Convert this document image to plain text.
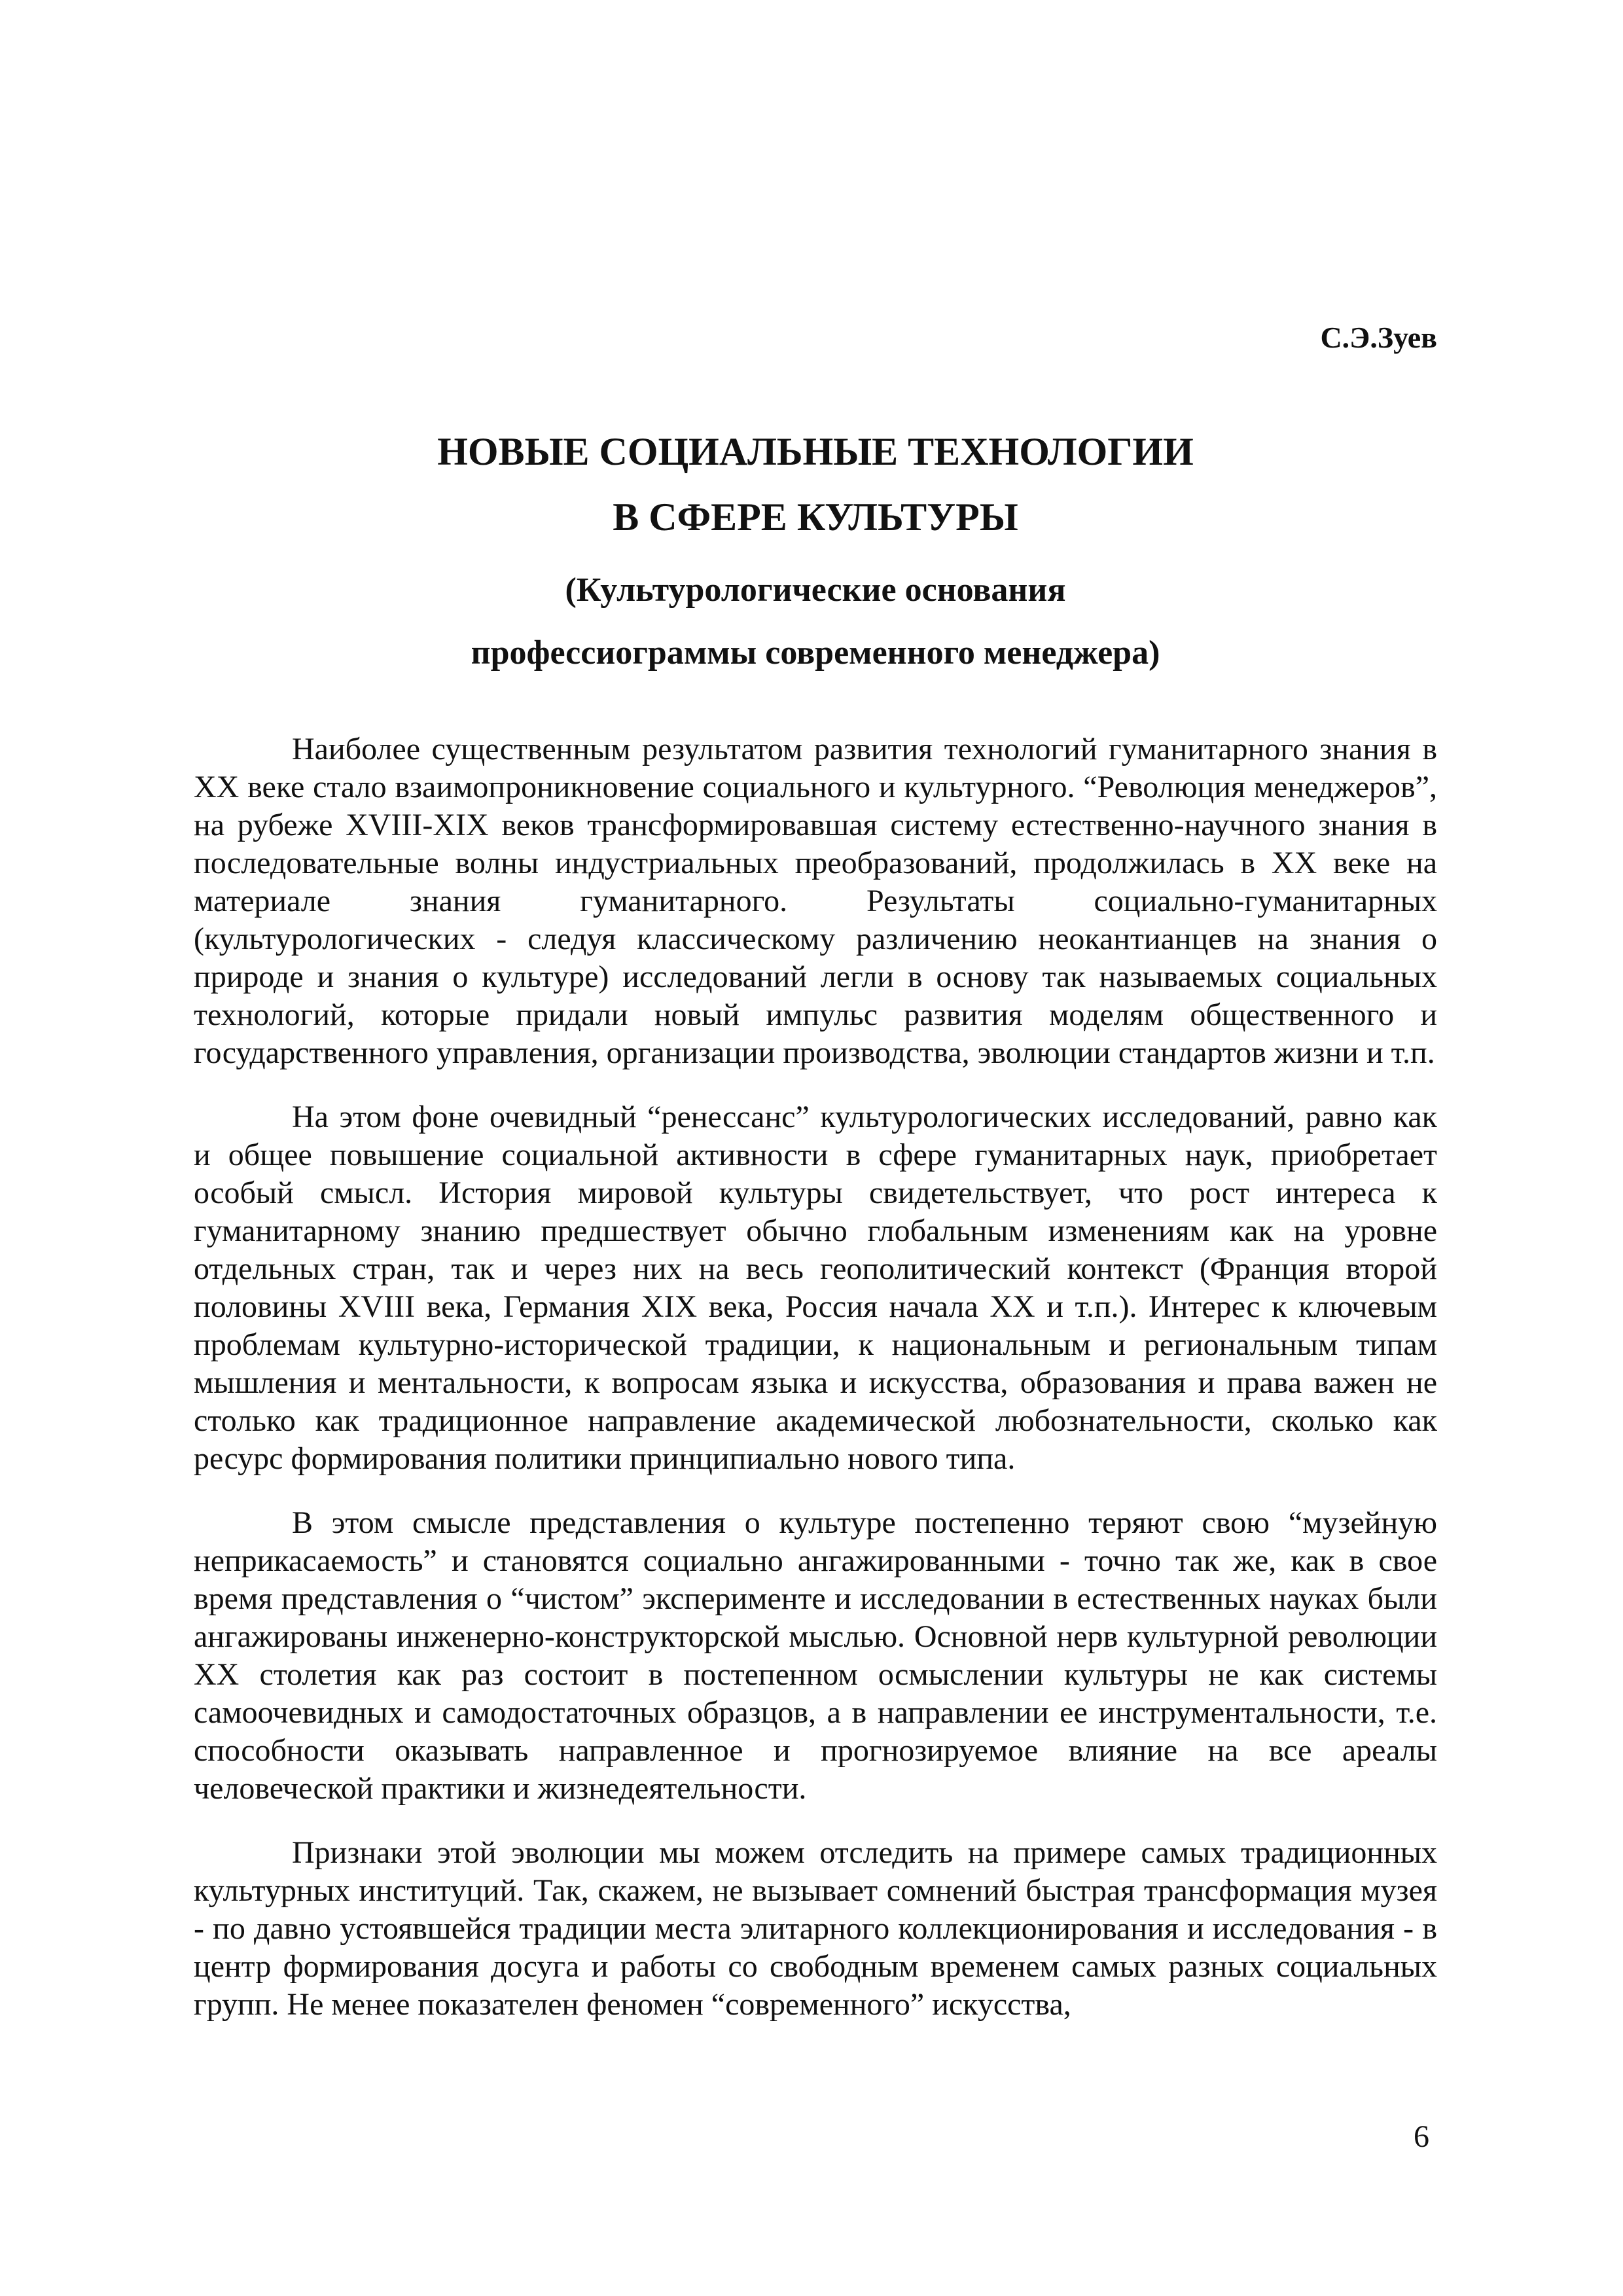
С.Э.Зуев

НОВЫЕ СОЦИАЛЬНЫЕ ТЕХНОЛОГИИ
В СФЕРЕ КУЛЬТУРЫ
(Культурологические основания
профессиограммы современного менеджера)

Наиболее существенным результатом развития технологий гуманитарного знания в ХХ веке стало взаимопроникновение социального и культурного. “Революция менеджеров”, на рубеже XVIII-XIX веков трансформировавшая систему естественно-научного знания в последовательные волны индустриальных преобразований, продолжилась в ХХ веке на материале знания гуманитарного. Результаты социально-гуманитарных (культурологических - следуя классическому различению неокантианцев на знания о природе и знания о культуре) исследований легли в основу так называемых социальных технологий, которые придали новый импульс развития моделям общественного и государственного управления, организации производства, эволюции стандартов жизни и т.п.

На этом фоне очевидный “ренессанс” культурологических исследований, равно как и общее повышение социальной активности в сфере гуманитарных наук, приобретает особый смысл. История мировой культуры свидетельствует, что рост интереса к гуманитарному знанию предшествует обычно глобальным изменениям как на уровне отдельных стран, так и через них на весь геополитический контекст (Франция второй половины XVIII века, Германия XIX века, Россия начала ХХ и т.п.). Интерес к ключевым проблемам культурно-исторической традиции, к национальным и региональным типам мышления и ментальности, к вопросам языка и искусства, образования и права важен не столько как традиционное направление академической любознательности, сколько как ресурс формирования политики принципиально нового типа.

В этом смысле представления о культуре постепенно теряют свою “музейную неприкасаемость” и становятся социально ангажированными - точно так же, как в свое время представления о “чистом” эксперименте и исследовании в естественных науках были ангажированы инженерно-конструкторской мыслью. Основной нерв культурной революции ХХ столетия как раз состоит в постепенном осмыслении культуры не как системы самоочевидных и самодостаточных образцов, а в направлении ее инструментальности, т.е. способности оказывать направленное и прогнозируемое влияние на все ареалы человеческой практики и жизнедеятельности.

Признаки этой эволюции мы можем отследить на примере самых традиционных культурных институций. Так, скажем, не вызывает сомнений быстрая трансформация музея - по давно устоявшейся традиции места элитарного коллекционирования и исследования - в центр формирования досуга и работы со свободным временем самых разных социальных групп. Не менее показателен феномен “современного” искусства,

6
